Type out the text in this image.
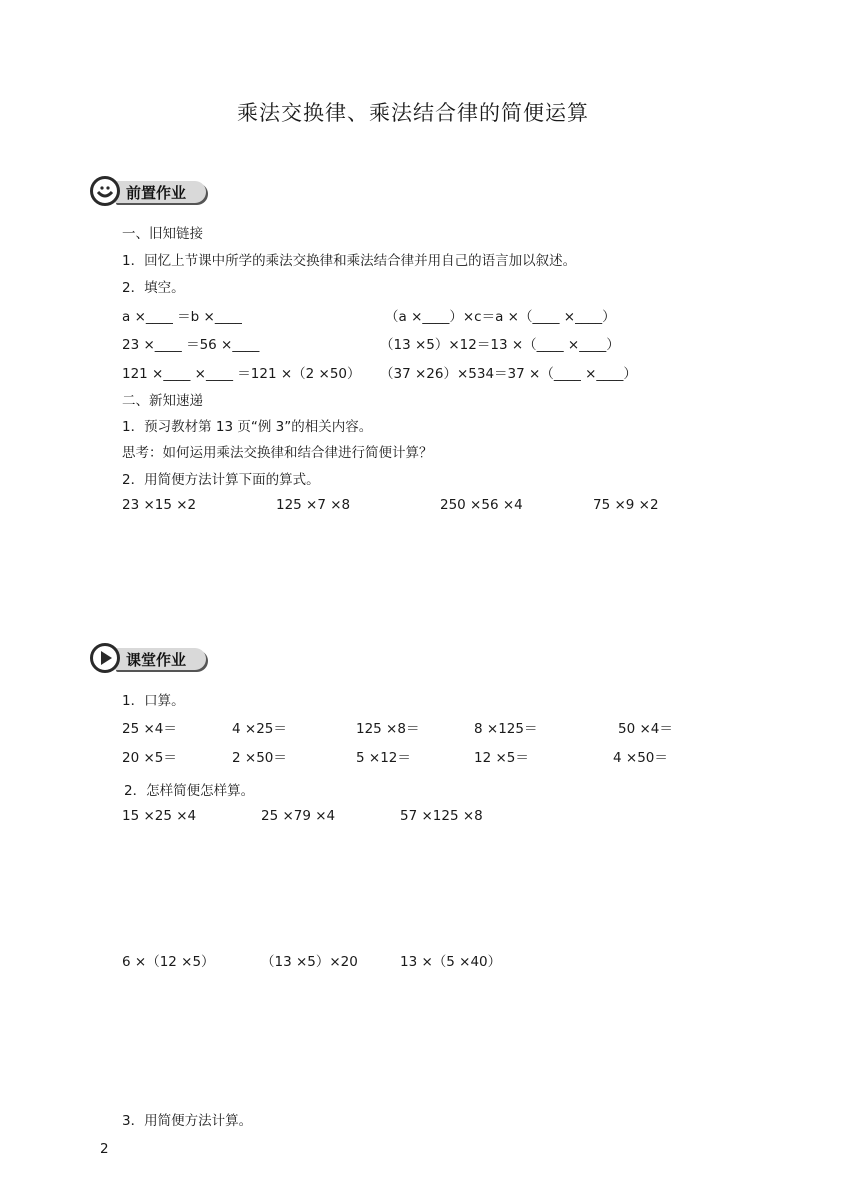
乘法交换律、乘法结合律的简便运算
前置作业
一、旧知链接
1．回忆上节课中所学的乘法交换律和乘法结合律并用自己的语言加以叙述。
2．填空。
a ×____ ＝b ×____	（a ×____）×c＝a ×（____ ×____）
23 ×____ ＝56 ×____	（13 ×5）×12＝13 ×（____ ×____）
121 ×____ ×____ ＝121 ×（2 ×50） （37 ×26）×534＝37 ×（____ ×____）
二、新知速递
1．预习教材第 13 页“例 3”的相关内容。
思考：如何运用乘法交换律和结合律进行简便计算？
2．用简便方法计算下面的算式。
23 ×15 ×2	125 ×7 ×8	250 ×56 ×4	75 ×9 ×2
课堂作业
1．口算。
25 ×4＝	4 ×25＝	125 ×8＝	8 ×125＝	50 ×4＝
20 ×5＝	2 ×50＝	5 ×12＝	12 ×5＝	4 ×50＝
2．怎样简便怎样算。
15 ×25 ×4	25 ×79 ×4	57 ×125 ×8
6 ×（12 ×5）	（13 ×5）×20	13 ×（5 ×40）
3．用简便方法计算。
2
